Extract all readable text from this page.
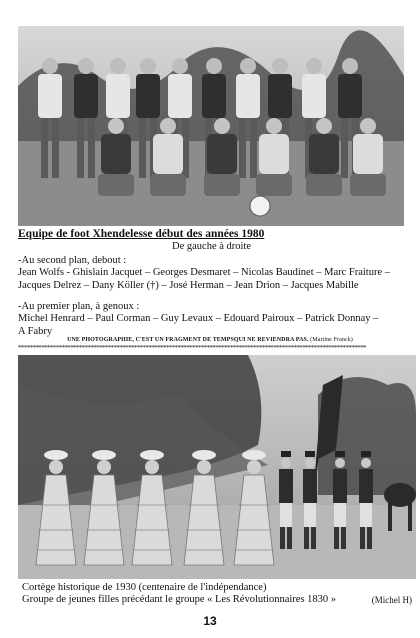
Equipe de foot Xhendelesse début des années 1980
De gauche à droite
-Au second plan, debout :
Jean Wolfs - Ghislain Jacquet – Georges Desmaret – Nicolas Baudinet – Marc Fraiture –
Jacques Delrez – Dany Köller (†) – José Herman – Jean Drion – Jacques Mabille
-Au premier plan, à genoux :
Michel Henrard – Paul Corman – Guy Levaux – Edouard Pairoux – Patrick Donnay –
A Fabry
UNE PHOTOGRAPHIE, C'EST UN FRAGMENT DE TEMPSQUI NE REVIENDRA PAS. (Martine Franck)
************************************************************************************************************************
Cortège historique de 1930 (centenaire de l'indépendance)
Groupe de jeunes filles précédant le groupe « Les Révolutionnaires 1830 »	(Michel H)
13
